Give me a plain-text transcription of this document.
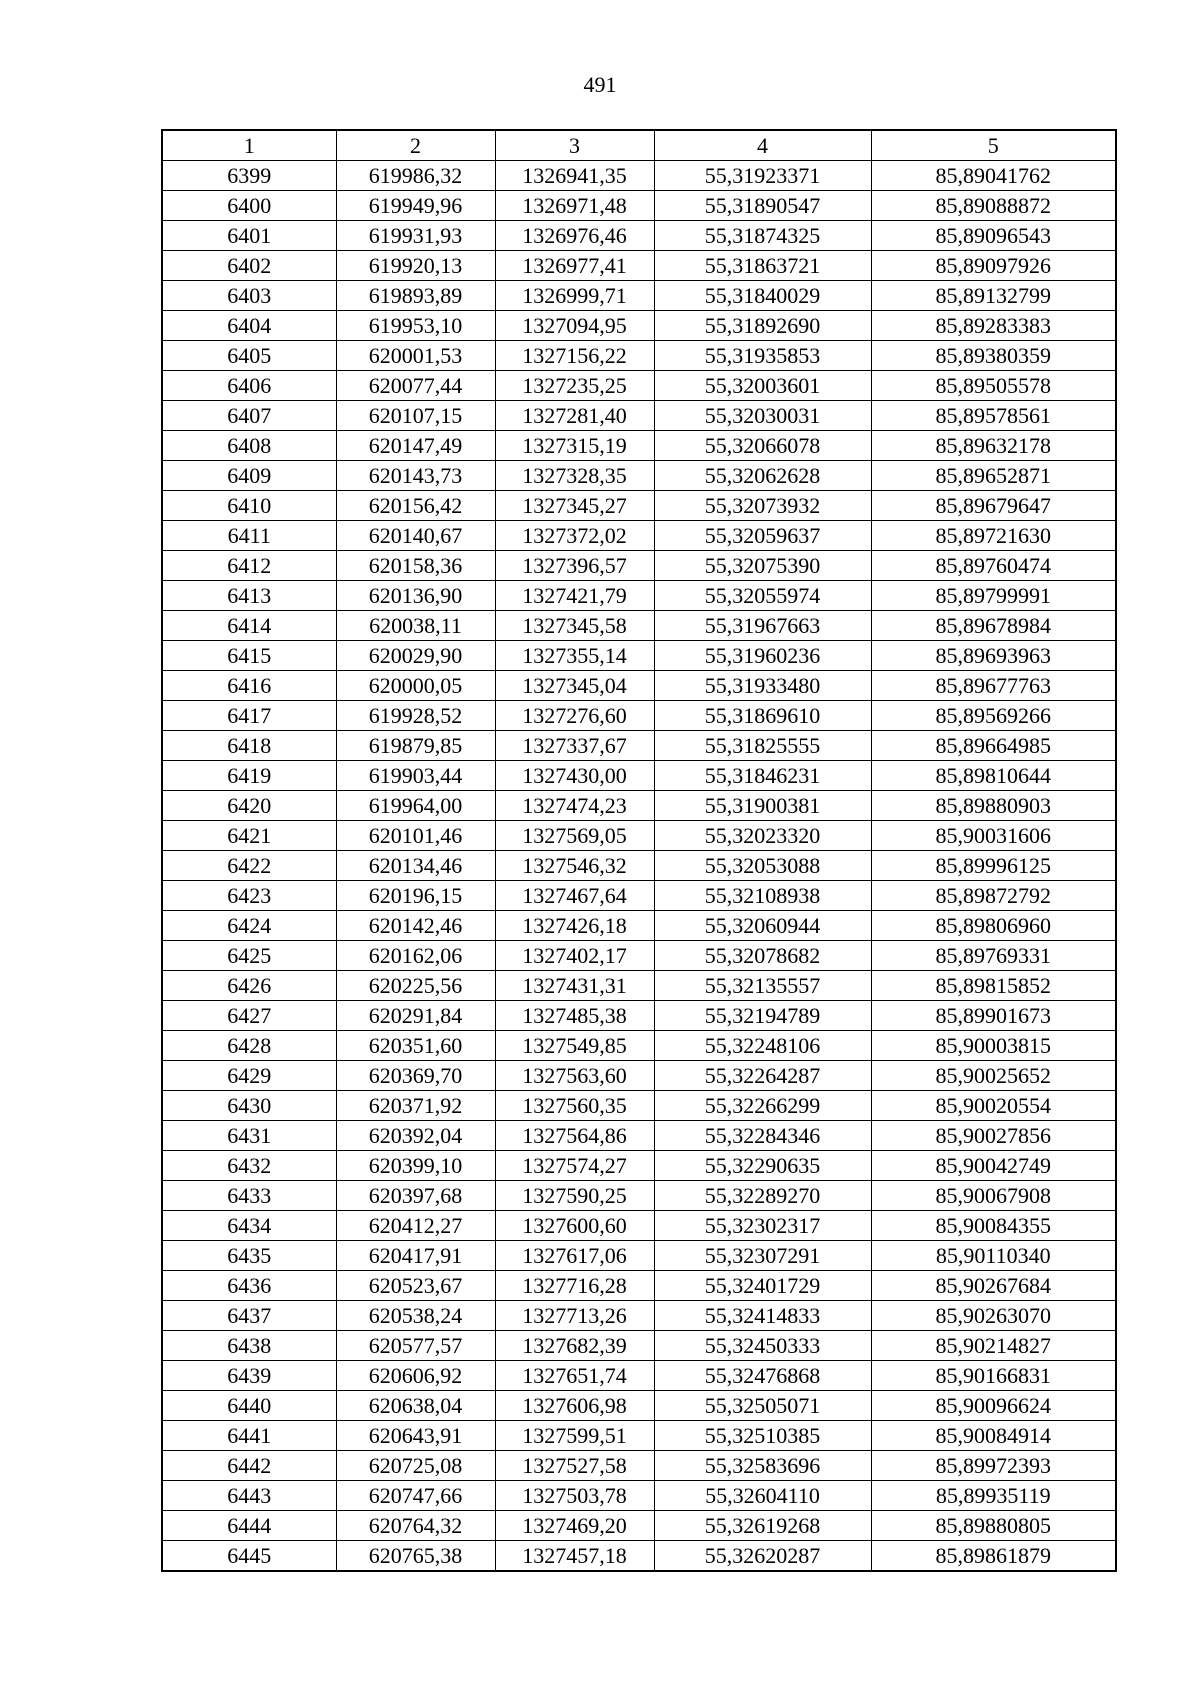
491
1	2	3	4	5
6399	619986,32	1326941,35	55,31923371	85,89041762
6400	619949,96	1326971,48	55,31890547	85,89088872
6401	619931,93	1326976,46	55,31874325	85,89096543
6402	619920,13	1326977,41	55,31863721	85,89097926
6403	619893,89	1326999,71	55,31840029	85,89132799
6404	619953,10	1327094,95	55,31892690	85,89283383
6405	620001,53	1327156,22	55,31935853	85,89380359
6406	620077,44	1327235,25	55,32003601	85,89505578
6407	620107,15	1327281,40	55,32030031	85,89578561
6408	620147,49	1327315,19	55,32066078	85,89632178
6409	620143,73	1327328,35	55,32062628	85,89652871
6410	620156,42	1327345,27	55,32073932	85,89679647
6411	620140,67	1327372,02	55,32059637	85,89721630
6412	620158,36	1327396,57	55,32075390	85,89760474
6413	620136,90	1327421,79	55,32055974	85,89799991
6414	620038,11	1327345,58	55,31967663	85,89678984
6415	620029,90	1327355,14	55,31960236	85,89693963
6416	620000,05	1327345,04	55,31933480	85,89677763
6417	619928,52	1327276,60	55,31869610	85,89569266
6418	619879,85	1327337,67	55,31825555	85,89664985
6419	619903,44	1327430,00	55,31846231	85,89810644
6420	619964,00	1327474,23	55,31900381	85,89880903
6421	620101,46	1327569,05	55,32023320	85,90031606
6422	620134,46	1327546,32	55,32053088	85,89996125
6423	620196,15	1327467,64	55,32108938	85,89872792
6424	620142,46	1327426,18	55,32060944	85,89806960
6425	620162,06	1327402,17	55,32078682	85,89769331
6426	620225,56	1327431,31	55,32135557	85,89815852
6427	620291,84	1327485,38	55,32194789	85,89901673
6428	620351,60	1327549,85	55,32248106	85,90003815
6429	620369,70	1327563,60	55,32264287	85,90025652
6430	620371,92	1327560,35	55,32266299	85,90020554
6431	620392,04	1327564,86	55,32284346	85,90027856
6432	620399,10	1327574,27	55,32290635	85,90042749
6433	620397,68	1327590,25	55,32289270	85,90067908
6434	620412,27	1327600,60	55,32302317	85,90084355
6435	620417,91	1327617,06	55,32307291	85,90110340
6436	620523,67	1327716,28	55,32401729	85,90267684
6437	620538,24	1327713,26	55,32414833	85,90263070
6438	620577,57	1327682,39	55,32450333	85,90214827
6439	620606,92	1327651,74	55,32476868	85,90166831
6440	620638,04	1327606,98	55,32505071	85,90096624
6441	620643,91	1327599,51	55,32510385	85,90084914
6442	620725,08	1327527,58	55,32583696	85,89972393
6443	620747,66	1327503,78	55,32604110	85,89935119
6444	620764,32	1327469,20	55,32619268	85,89880805
6445	620765,38	1327457,18	55,32620287	85,89861879
